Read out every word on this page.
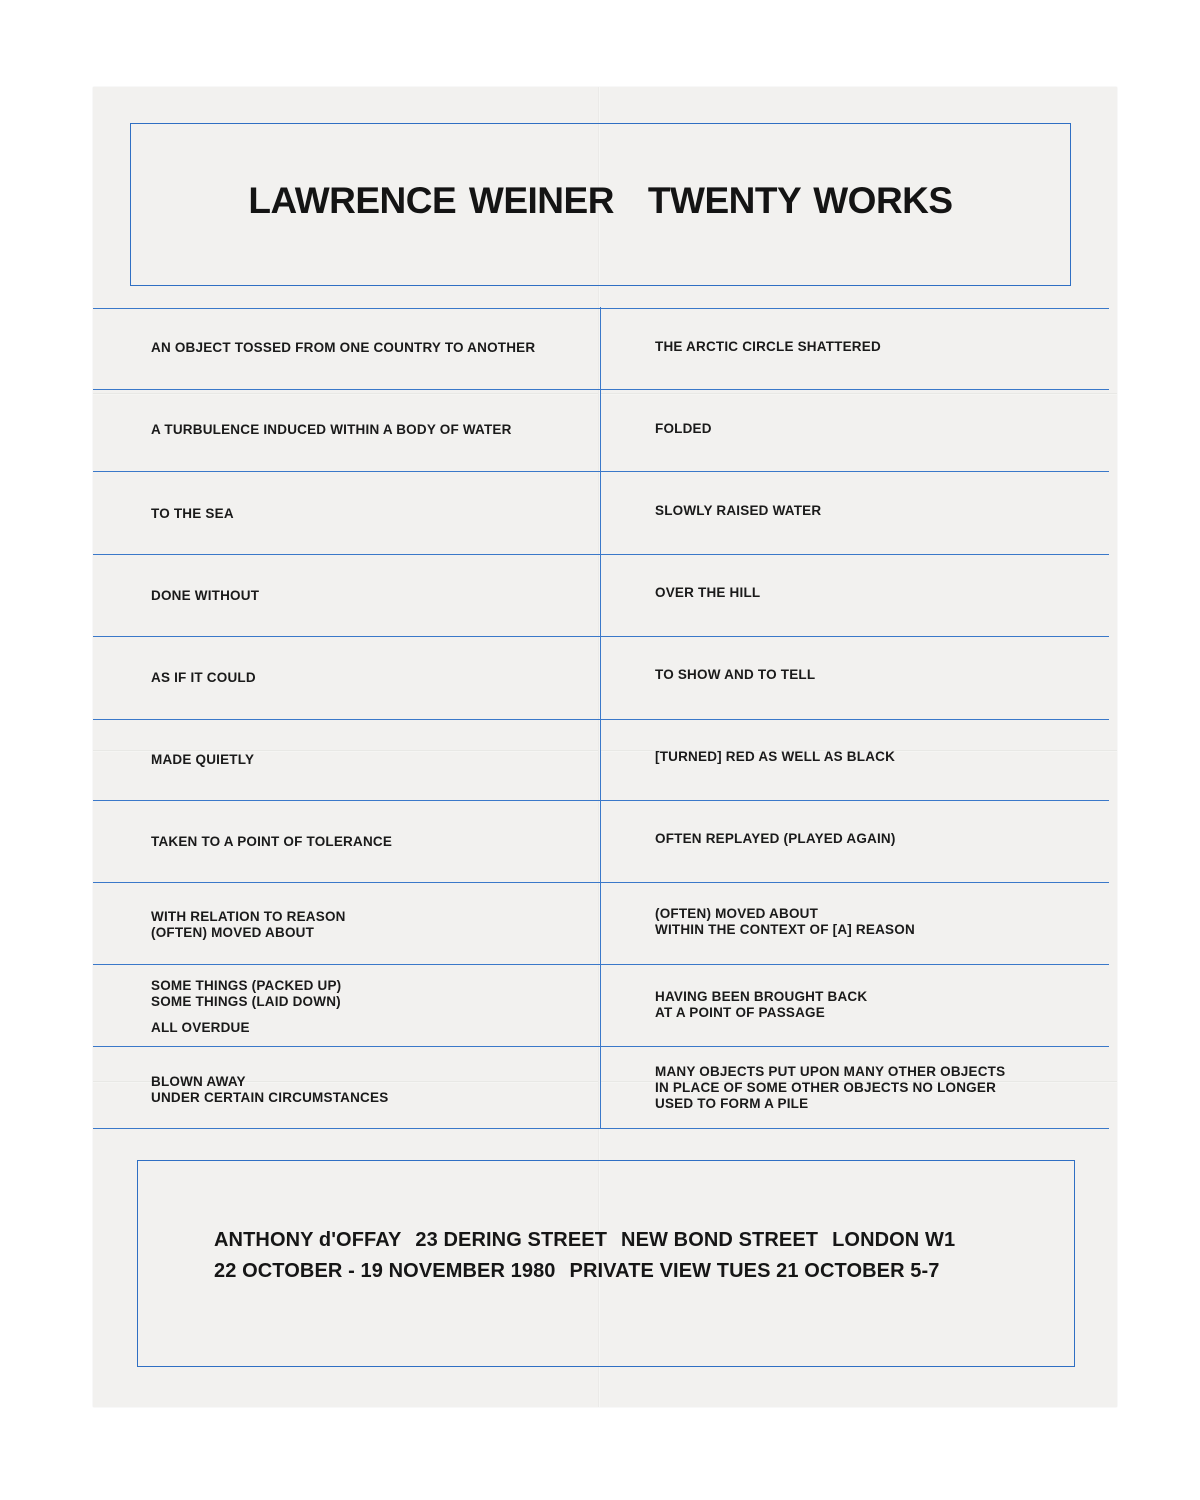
LAWRENCE WEINER TWENTY WORKS
AN OBJECT TOSSED FROM ONE COUNTRY TO ANOTHER
A TURBULENCE INDUCED WITHIN A BODY OF WATER
TO THE SEA
DONE WITHOUT
AS IF IT COULD
MADE QUIETLY
TAKEN TO A POINT OF TOLERANCE
WITH RELATION TO REASON
(OFTEN) MOVED ABOUT
SOME THINGS (PACKED UP)
SOME THINGS (LAID DOWN)
ALL OVERDUE
BLOWN AWAY
UNDER CERTAIN CIRCUMSTANCES
THE ARCTIC CIRCLE SHATTERED
FOLDED
SLOWLY RAISED WATER
OVER THE HILL
TO SHOW AND TO TELL
[TURNED] RED AS WELL AS BLACK
OFTEN REPLAYED (PLAYED AGAIN)
(OFTEN) MOVED ABOUT
WITHIN THE CONTEXT OF [A] REASON
HAVING BEEN BROUGHT BACK
AT A POINT OF PASSAGE
MANY OBJECTS PUT UPON MANY OTHER OBJECTS
IN PLACE OF SOME OTHER OBJECTS NO LONGER
USED TO FORM A PILE
ANTHONY d'OFFAY 23 DERING STREET NEW BOND STREET LONDON W1
22 OCTOBER - 19 NOVEMBER 1980 PRIVATE VIEW TUES 21 OCTOBER 5-7
